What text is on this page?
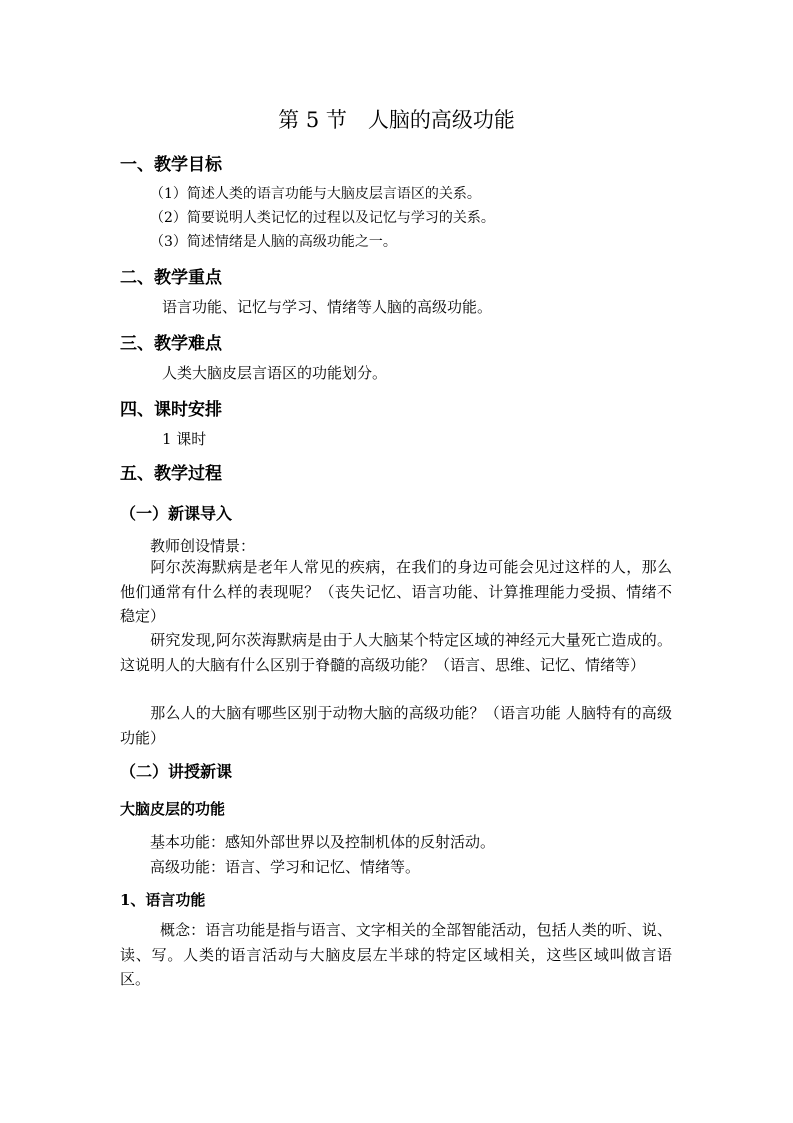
第 5 节　人脑的高级功能
一、教学目标
（1）简述人类的语言功能与大脑皮层言语区的关系。
（2）简要说明人类记忆的过程以及记忆与学习的关系。
（3）简述情绪是人脑的高级功能之一。
二、教学重点
语言功能、记忆与学习、情绪等人脑的高级功能。
三、教学难点
人类大脑皮层言语区的功能划分。
四、课时安排
1 课时
五、教学过程
（一）新课导入
教师创设情景：
阿尔茨海默病是老年人常见的疾病，在我们的身边可能会见过这样的人，那么他们通常有什么样的表现呢？（丧失记忆、语言功能、计算推理能力受损、情绪不稳定）
研究发现,阿尔茨海默病是由于人大脑某个特定区域的神经元大量死亡造成的。这说明人的大脑有什么区别于脊髓的高级功能？（语言、思维、记忆、情绪等）
那么人的大脑有哪些区别于动物大脑的高级功能？（语言功能 人脑特有的高级功能）
（二）讲授新课
大脑皮层的功能
基本功能：感知外部世界以及控制机体的反射活动。
高级功能：语言、学习和记忆、情绪等。
1、语言功能
概念：语言功能是指与语言、文字相关的全部智能活动，包括人类的听、说、读、写。人类的语言活动与大脑皮层左半球的特定区域相关，这些区域叫做言语区。
